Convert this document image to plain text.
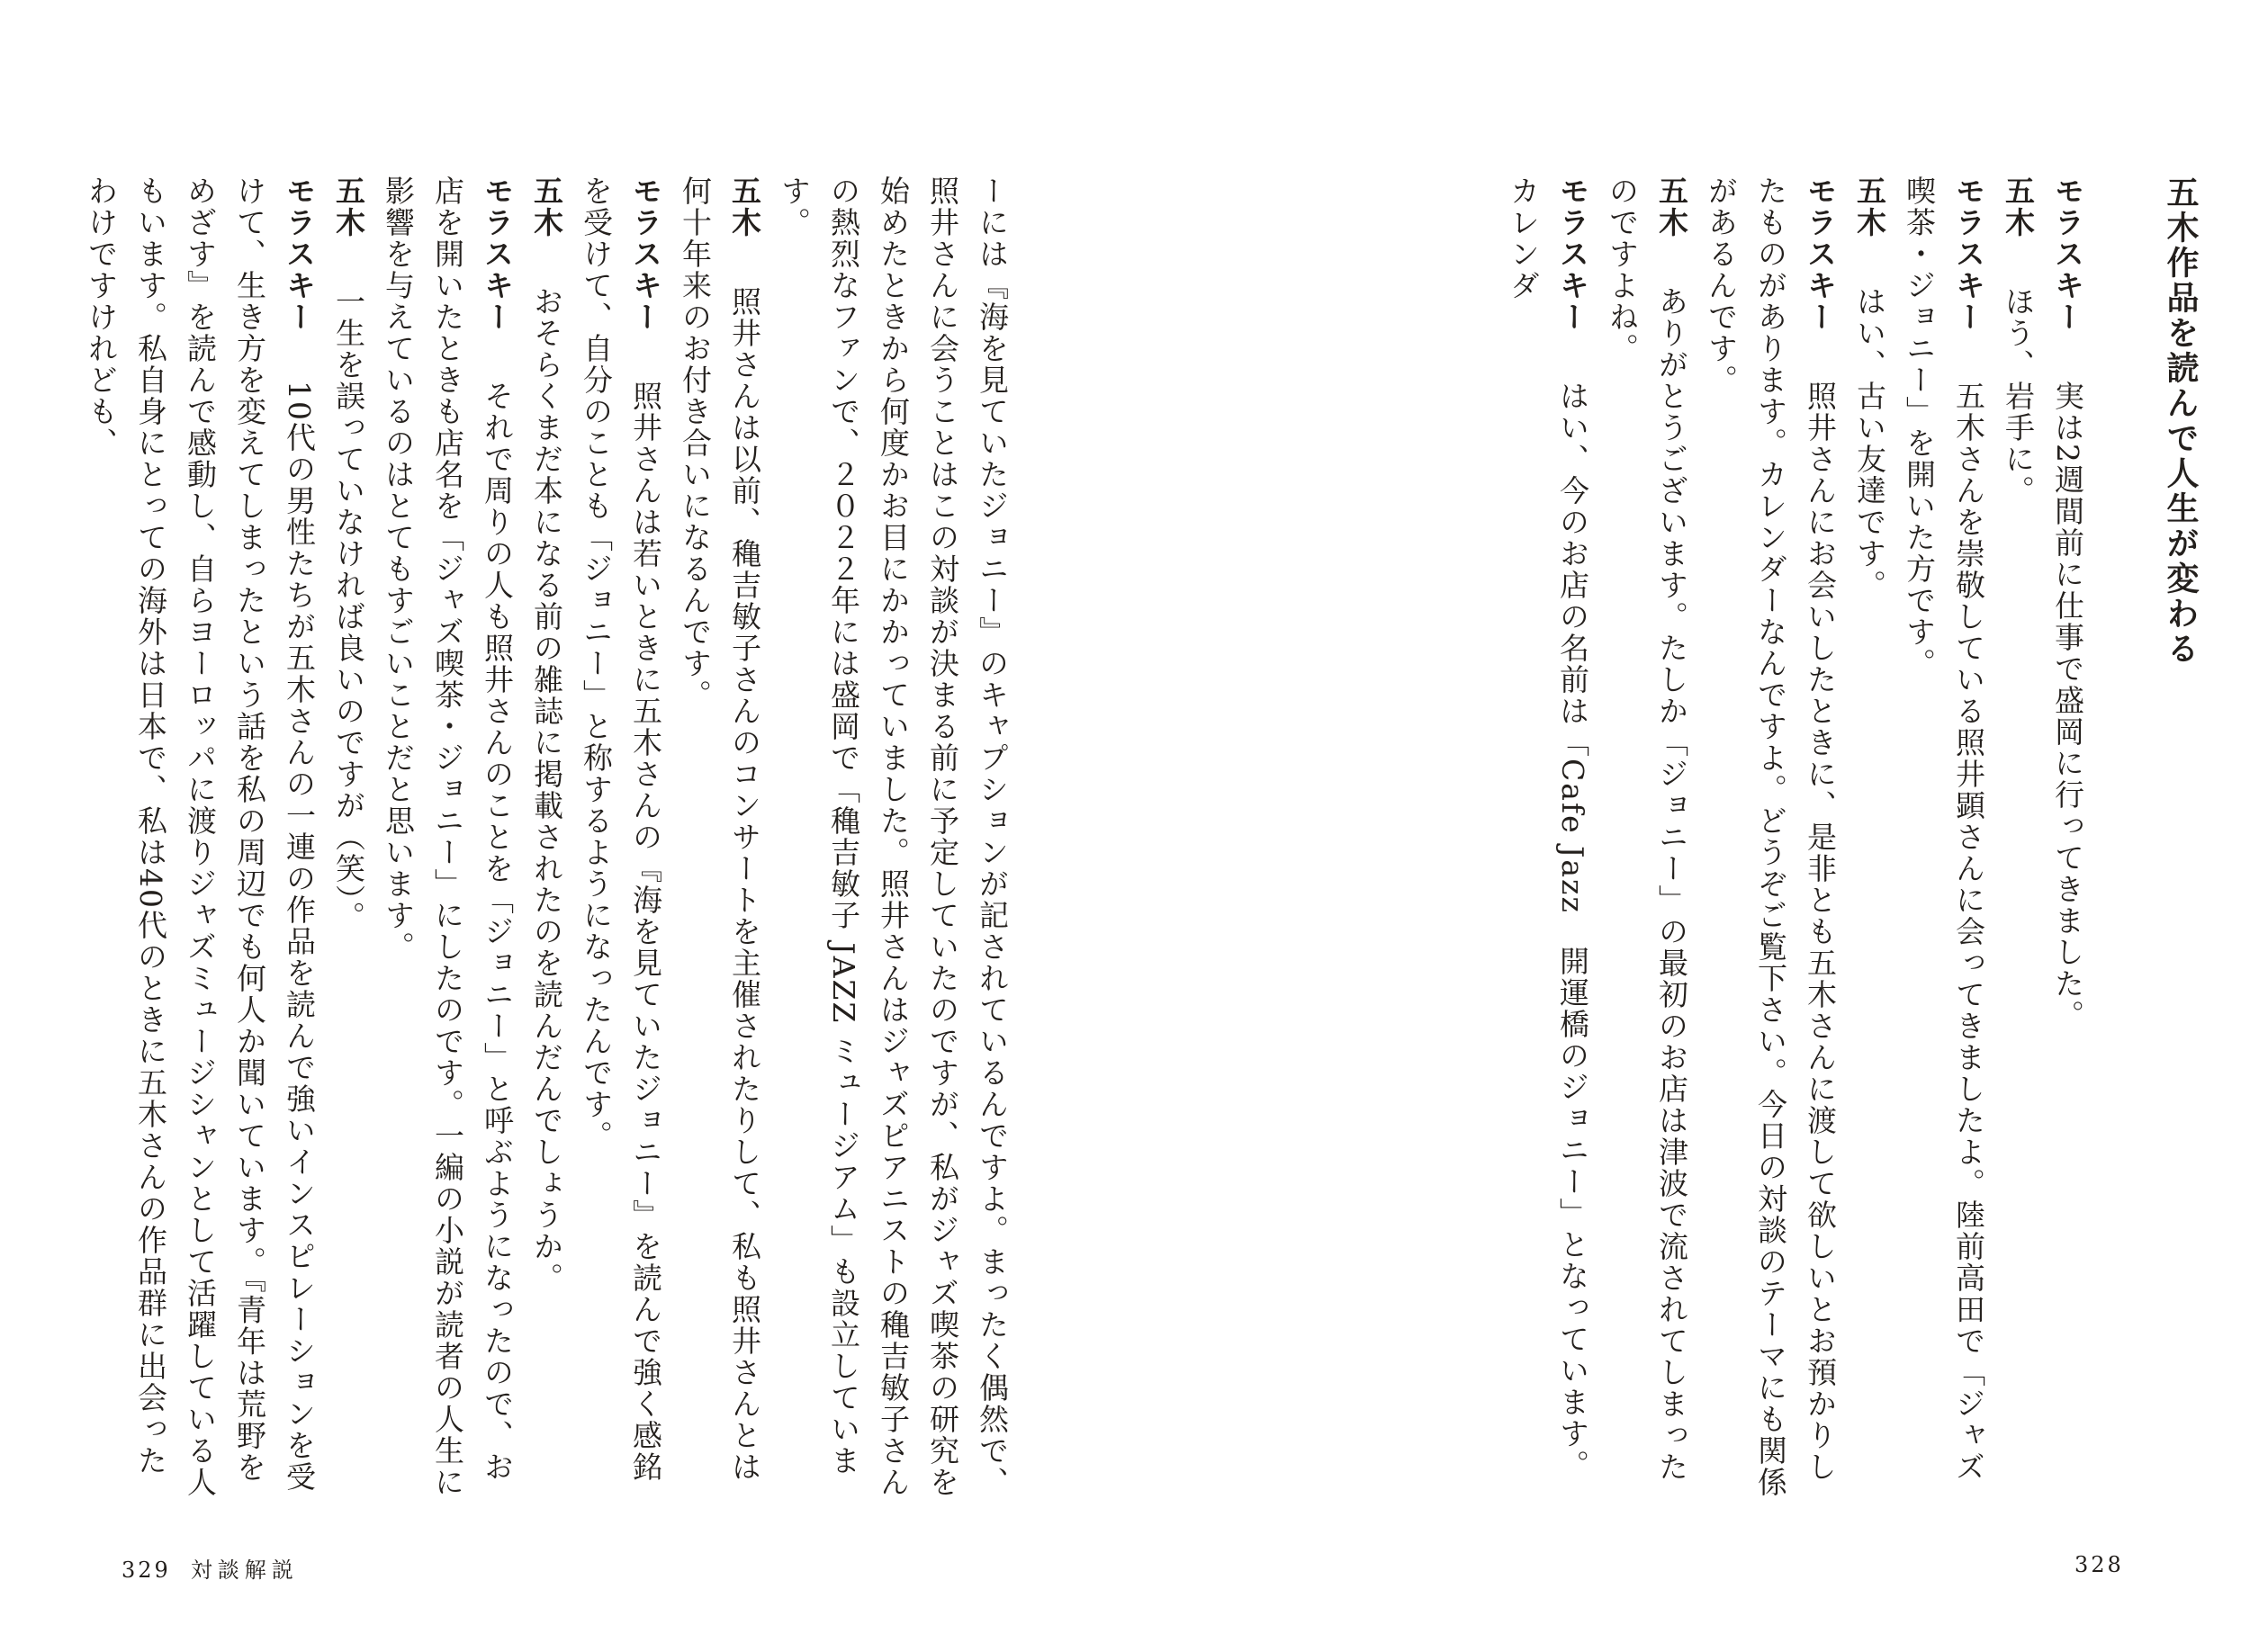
五木作品を読んで人生が変わる
モラスキー　実は2週間前に仕事で盛岡に行ってきました。
五木　ほう、岩手に。
モラスキー　五木さんを崇敬している照井顕さんに会ってきましたよ。陸前高田で「ジャズ喫茶・ジョニー」を開いた方です。
五木　はい、古い友達です。
モラスキー　照井さんにお会いしたときに、是非とも五木さんに渡して欲しいとお預かりしたものがあります。カレンダーなんですよ。どうぞご覧下さい。今日の対談のテーマにも関係があるんです。
五木　ありがとうございます。たしか「ジョニー」の最初のお店は津波で流されてしまったのですよね。
モラスキー　はい、今のお店の名前は「Cafe Jazz　開運橋のジョニー」となっています。カレンダ
328
ーには『海を見ていたジョニー』のキャプションが記されているんですよ。まったく偶然で、照井さんに会うことはこの対談が決まる前に予定していたのですが、私がジャズ喫茶の研究を始めたときから何度かお目にかかっていました。照井さんはジャズピアニストの穐吉敏子さんの熱烈なファンで、２０２２年には盛岡で「穐吉敏子 JAZZ ミュージアム」も設立しています。
五木　照井さんは以前、穐吉敏子さんのコンサートを主催されたりして、私も照井さんとは何十年来のお付き合いになるんです。
モラスキー　照井さんは若いときに五木さんの『海を見ていたジョニー』を読んで強く感銘を受けて、自分のことも「ジョニー」と称するようになったんです。
五木　おそらくまだ本になる前の雑誌に掲載されたのを読んだんでしょうか。
モラスキー　それで周りの人も照井さんのことを「ジョニー」と呼ぶようになったので、お店を開いたときも店名を「ジャズ喫茶・ジョニー」にしたのです。一編の小説が読者の人生に影響を与えているのはとてもすごいことだと思います。
五木　一生を誤っていなければ良いのですが（笑）。
モラスキー　10代の男性たちが五木さんの一連の作品を読んで強いインスピレーションを受けて、生き方を変えてしまったという話を私の周辺でも何人か聞いています。『青年は荒野をめざす』を読んで感動し、自らヨーロッパに渡りジャズミュージシャンとして活躍している人もいます。私自身にとっての海外は日本で、私は40代のときに五木さんの作品群に出会ったわけですけれども、
329 対談解説
